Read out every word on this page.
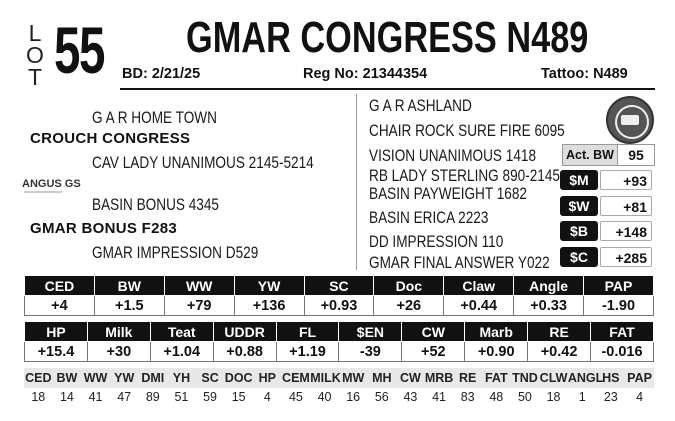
L
O
T 55 GMAR CONGRESS N489
BD: 2/21/25	Reg No: 21344354	Tattoo: N489
G A R HOME TOWN
CROUCH CONGRESS
CAV LADY UNANIMOUS 2145-5214
ANGUS GS
BASIN BONUS 4345
GMAR BONUS F283
GMAR IMPRESSION D529
G A R ASHLAND
CHAIR ROCK SURE FIRE 6095
VISION UNANIMOUS 1418
RB LADY STERLING 890-2145
BASIN PAYWEIGHT 1682
BASIN ERICA 2223
DD IMPRESSION 110
GMAR FINAL ANSWER Y022
Act. BW	95
$M	+93
$W	+81
$B	+148
$C	+285
CED	BW	WW	YW	SC	Doc	Claw	Angle	PAP
+4	+1.5	+79	+136	+0.93	+26	+0.44	+0.33	-1.90
HP	Milk	Teat	UDDR	FL	$EN	CW	Marb	RE	FAT
+15.4	+30	+1.04	+0.88	+1.19	-39	+52	+0.90	+0.42	-0.016
CED	BW	WW	YW	DMI	YH	SC	DOC	HP	CEM	MILK	MW	MH	CW	MRB	RE	FAT	TND	CLW	ANGL	HS	PAP
18	14	41	47	89	51	59	15	4	45	40	16	56	43	41	83	48	50	18	1	23	4
